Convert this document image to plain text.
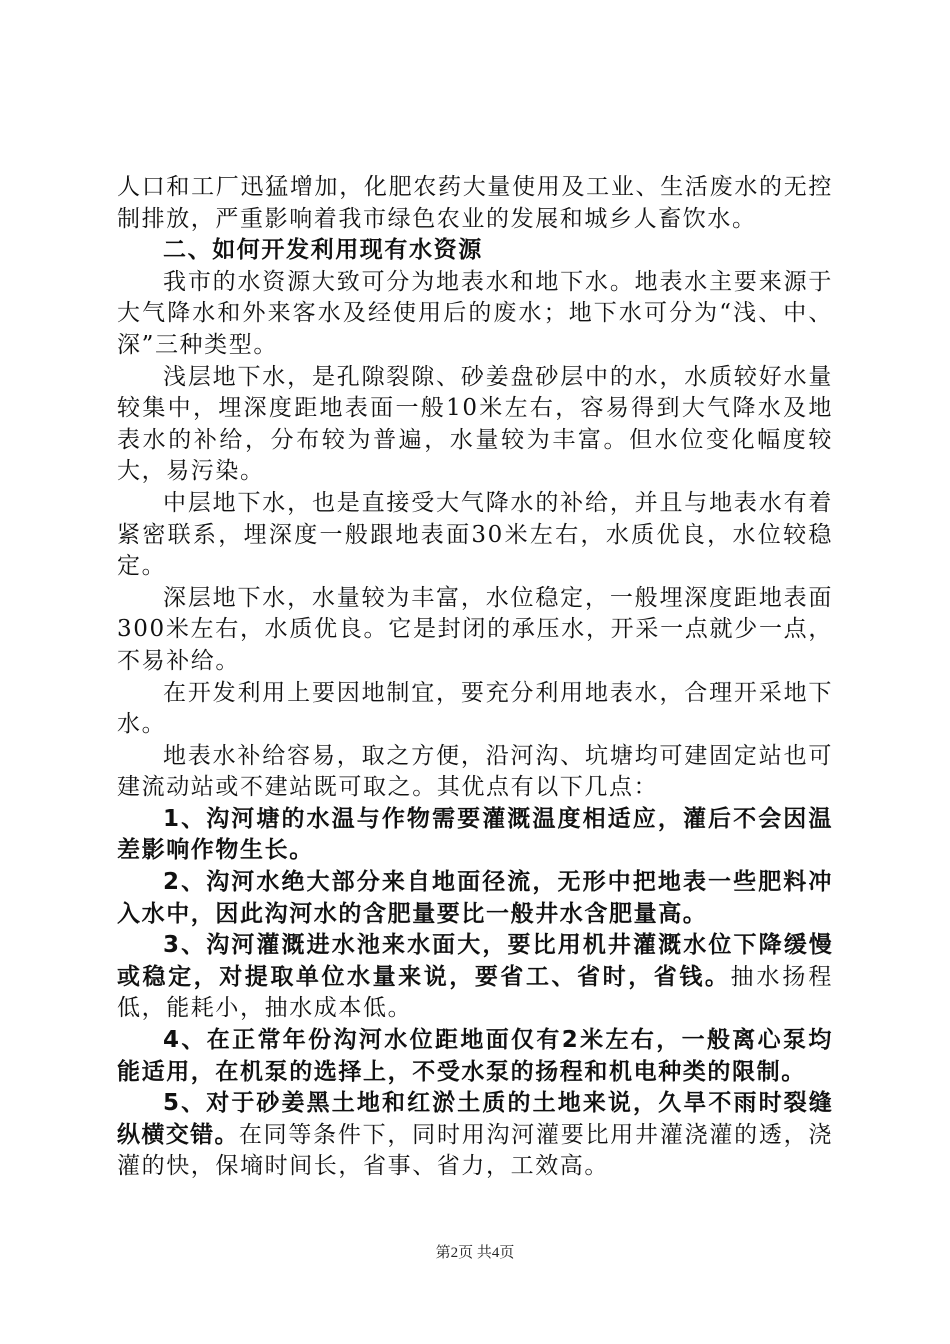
人口和工厂迅猛增加，化肥农药大量使用及工业、生活废水的无控制排放，严重影响着我市绿色农业的发展和城乡人畜饮水。

二、如何开发利用现有水资源

我市的水资源大致可分为地表水和地下水。地表水主要来源于大气降水和外来客水及经使用后的废水；地下水可分为“浅、中、深”三种类型。

浅层地下水，是孔隙裂隙、砂姜盘砂层中的水，水质较好水量较集中，埋深度距地表面一般10米左右，容易得到大气降水及地表水的补给，分布较为普遍，水量较为丰富。但水位变化幅度较大，易污染。

中层地下水，也是直接受大气降水的补给，并且与地表水有着紧密联系，埋深度一般跟地表面30米左右，水质优良，水位较稳定。

深层地下水，水量较为丰富，水位稳定，一般埋深度距地表面300米左右，水质优良。它是封闭的承压水，开采一点就少一点，不易补给。

在开发利用上要因地制宜，要充分利用地表水，合理开采地下水。

地表水补给容易，取之方便，沿河沟、坑塘均可建固定站也可建流动站或不建站既可取之。其优点有以下几点：

1、沟河塘的水温与作物需要灌溉温度相适应，灌后不会因温差影响作物生长。

2、沟河水绝大部分来自地面径流，无形中把地表一些肥料冲入水中，因此沟河水的含肥量要比一般井水含肥量高。

3、沟河灌溉进水池来水面大，要比用机井灌溉水位下降缓慢或稳定，对提取单位水量来说，要省工、省时，省钱。抽水扬程低，能耗小，抽水成本低。

4、在正常年份沟河水位距地面仅有2米左右，一般离心泵均能适用，在机泵的选择上，不受水泵的扬程和机电种类的限制。

5、对于砂姜黑土地和红淤土质的土地来说，久旱不雨时裂缝纵横交错。在同等条件下，同时用沟河灌要比用井灌浇灌的透，浇灌的快，保墒时间长，省事、省力，工效高。

第2页 共4页
